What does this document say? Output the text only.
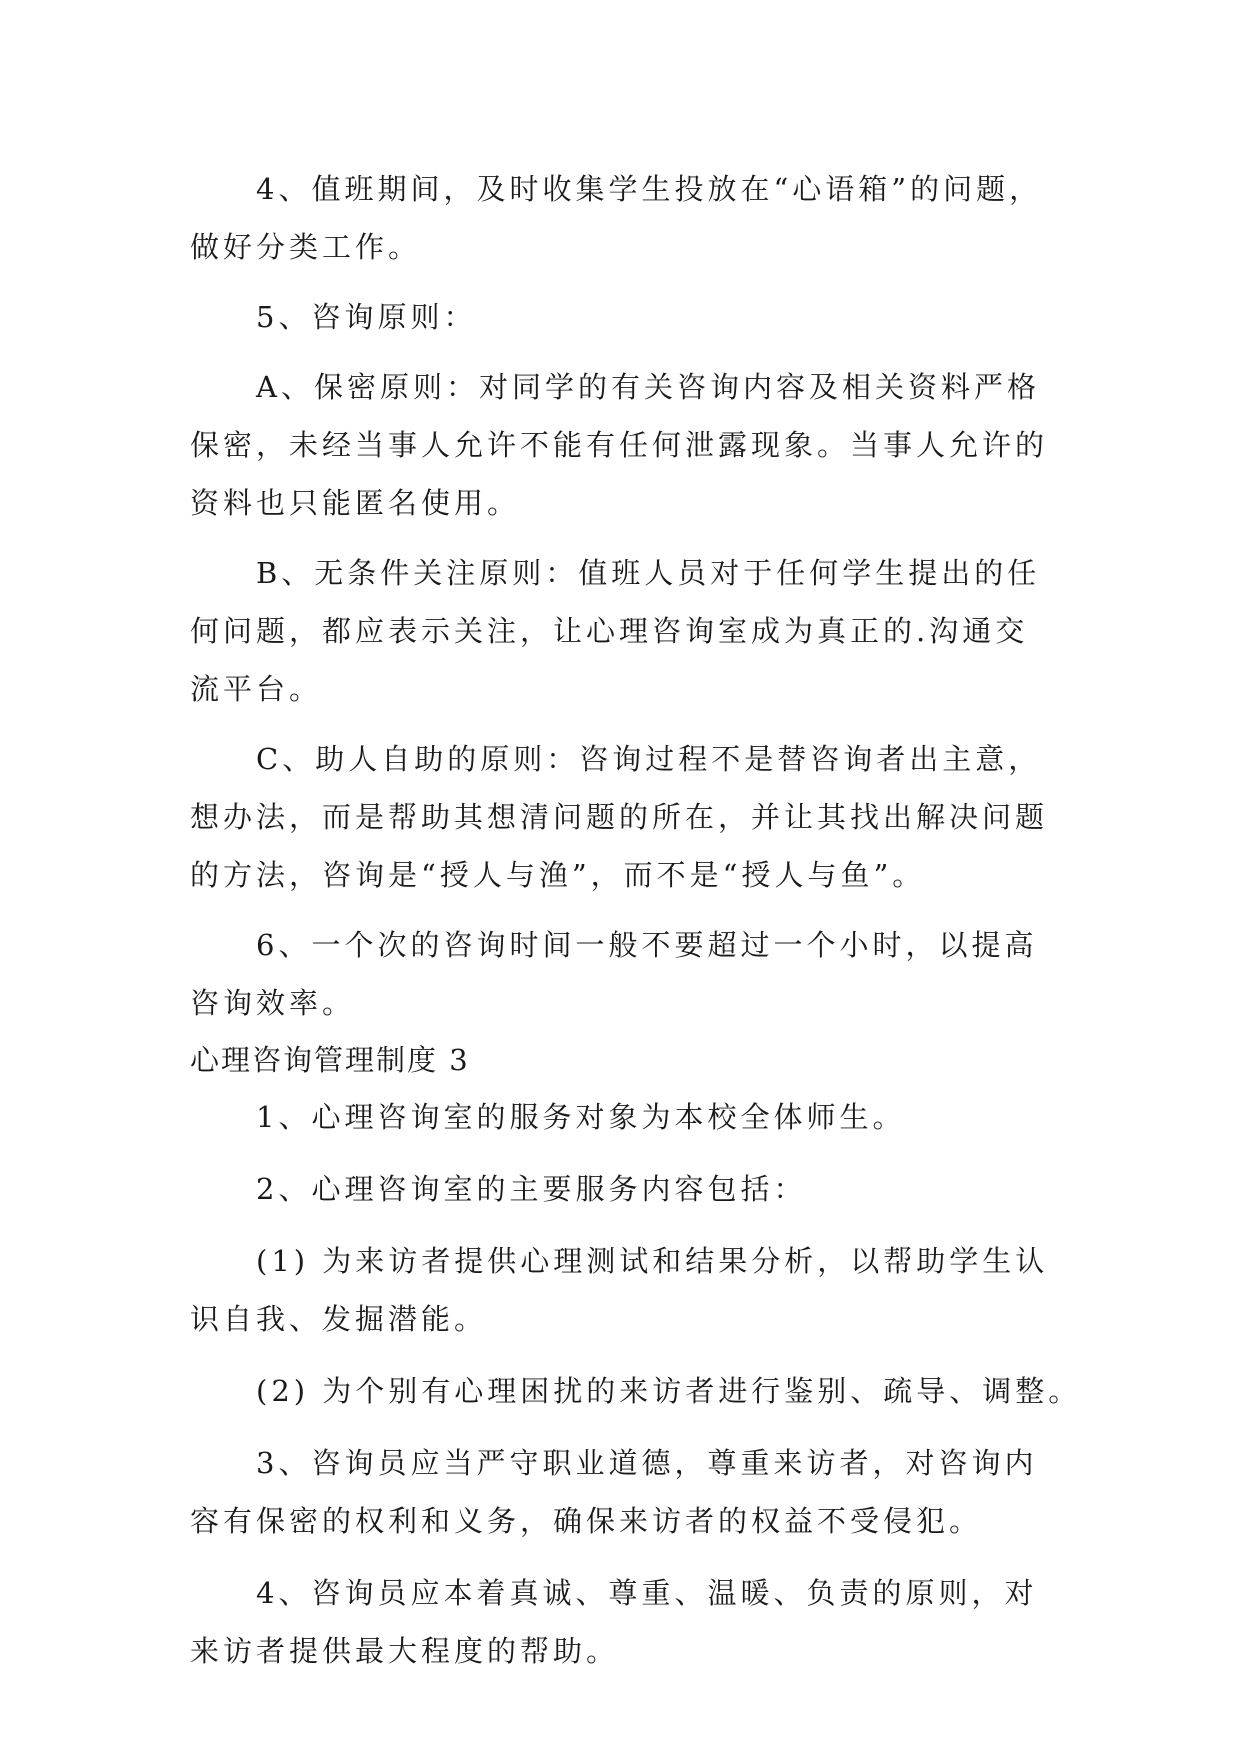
4、值班期间，及时收集学生投放在“心语箱”的问题，
做好分类工作。

5、咨询原则：

A、保密原则：对同学的有关咨询内容及相关资料严格
保密，未经当事人允许不能有任何泄露现象。当事人允许的
资料也只能匿名使用。

B、无条件关注原则：值班人员对于任何学生提出的任
何问题，都应表示关注，让心理咨询室成为真正的.沟通交
流平台。

C、助人自助的原则：咨询过程不是替咨询者出主意，
想办法，而是帮助其想清问题的所在，并让其找出解决问题
的方法，咨询是“授人与渔”，而不是“授人与鱼”。

6、一个次的咨询时间一般不要超过一个小时，以提高
咨询效率。

心理咨询管理制度 3

1、心理咨询室的服务对象为本校全体师生。

2、心理咨询室的主要服务内容包括：

(1) 为来访者提供心理测试和结果分析，以帮助学生认
识自我、发掘潜能。

(2) 为个别有心理困扰的来访者进行鉴别、疏导、调整。

3、咨询员应当严守职业道德，尊重来访者，对咨询内
容有保密的权利和义务，确保来访者的权益不受侵犯。

4、咨询员应本着真诚、尊重、温暖、负责的原则，对
来访者提供最大程度的帮助。
